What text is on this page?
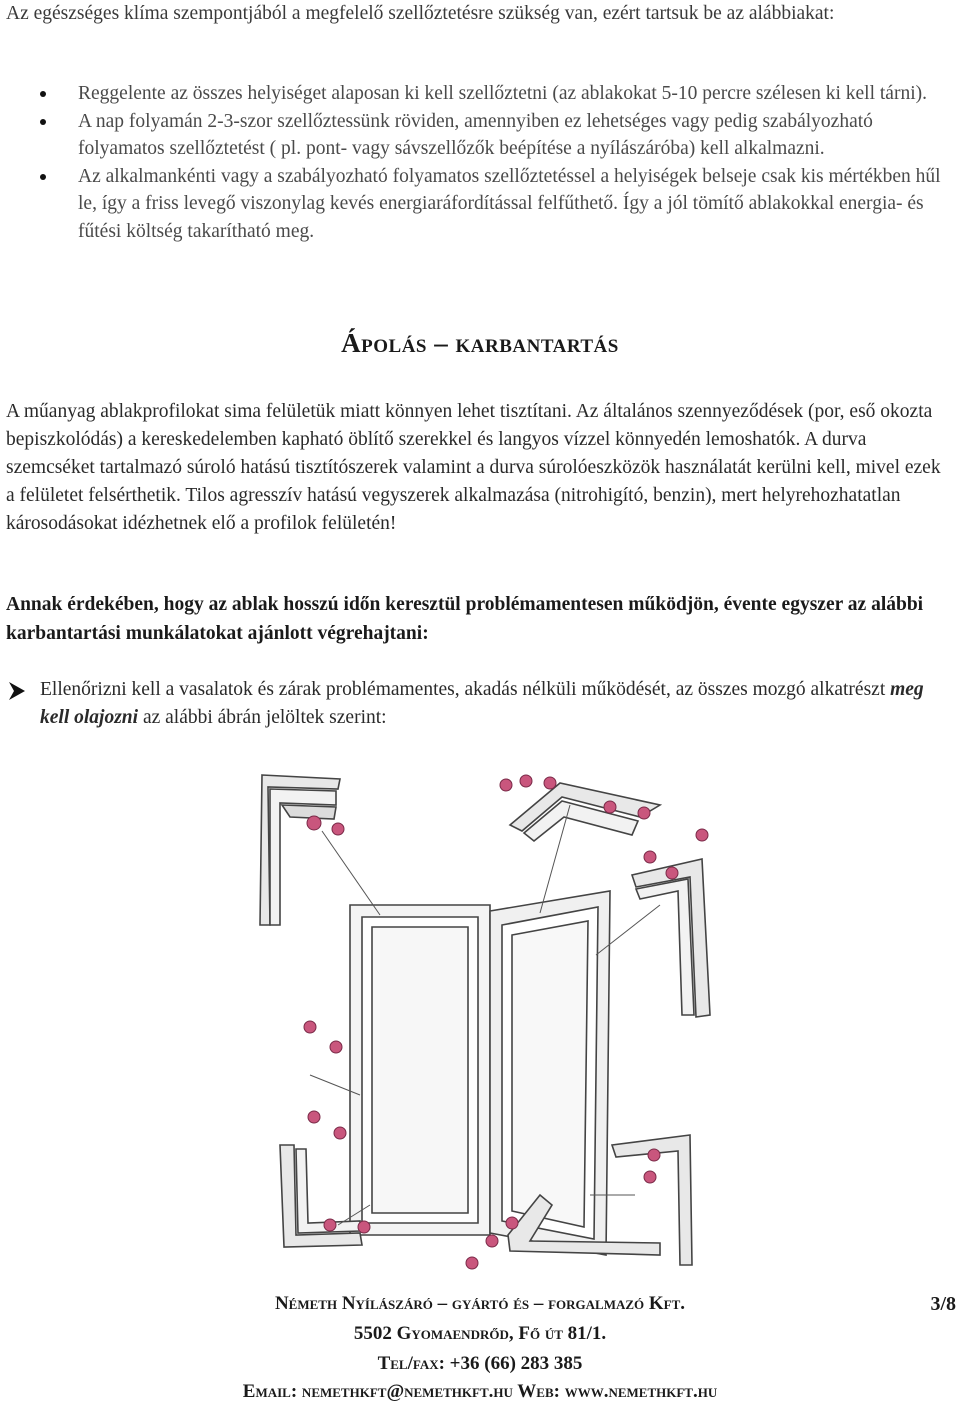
Az egészséges klíma szempontjából a megfelelő szellőztetésre szükség van, ezért tartsuk be az alábbiakat:
Reggelente az összes helyiséget alaposan ki kell szellőztetni (az ablakokat 5-10 percre szélesen ki kell tárni).
A nap folyamán 2-3-szor szellőztessünk röviden, amennyiben ez lehetséges vagy pedig szabályozható folyamatos szellőztetést ( pl. pont- vagy sávszellőzők beépítése a nyílászáróba) kell alkalmazni.
Az alkalmankénti vagy a szabályozható folyamatos szellőztetéssel a helyiségek belseje csak kis mértékben hűl le, így a friss levegő viszonylag kevés energiaráfordítással felfűthető. Így a jól tömítő ablakokkal energia- és fűtési költség takarítható meg.
ÁPOLÁS – KARBANTARTÁS
A műanyag ablakprofilokat sima felületük miatt könnyen lehet tisztítani. Az általános szennyeződések (por, eső okozta bepiszkolódás) a kereskedelemben kapható öblítő szerekkel és langyos vízzel könnyedén lemoshatók. A durva szemcséket tartalmazó súroló hatású tisztítószerek valamint a durva súrolóeszközök használatát kerülni kell, mivel ezek a felületet felsérthetik. Tilos agresszív hatású vegyszerek alkalmazása (nitrohigító, benzin), mert helyrehozhatatlan károsodásokat idézhetnek elő a profilok felületén!
Annak érdekében, hogy az ablak hosszú időn keresztül problémamentesen működjön, évente egyszer az alábbi karbantartási munkálatokat ajánlott végrehajtani:
Ellenőrizni kell a vasalatok és zárak problémamentes, akadás nélküli működését, az összes mozgó alkatrészt meg kell olajozni az alábbi ábrán jelöltek szerint:
Németh Nyílászáró – gyártó és – forgalmazó Kft.	3/8
5502 Gyomaendrőd, Fő út 81/1.
Tel/fax: +36 (66) 283 385
Email: nemethkft@nemethkft.hu Web: www.nemethkft.hu
